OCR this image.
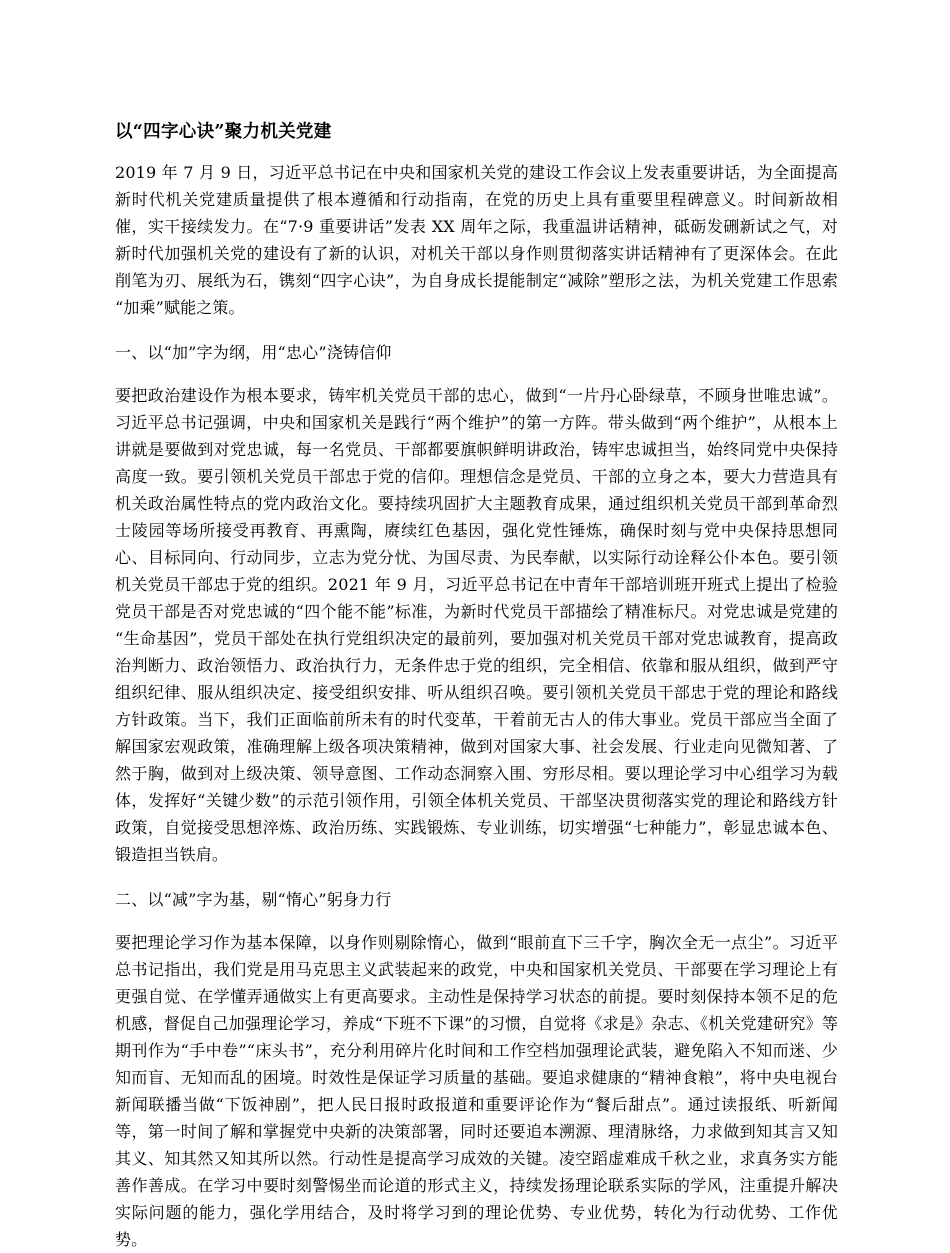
以“四字心诀”聚力机关党建

2019 年 7 月 9 日，习近平总书记在中央和国家机关党的建设工作会议上发表重要讲话，为全面提高新时代机关党建质量提供了根本遵循和行动指南，在党的历史上具有重要里程碑意义。时间新故相催，实干接续发力。在“7·9 重要讲话”发表 XX 周年之际，我重温讲话精神，砥砺发硎新试之气，对新时代加强机关党的建设有了新的认识，对机关干部以身作则贯彻落实讲话精神有了更深体会。在此削笔为刃、展纸为石，镌刻“四字心诀”，为自身成长提能制定“减除”塑形之法，为机关党建工作思索“加乘”赋能之策。

一、以“加”字为纲，用“忠心”浇铸信仰

要把政治建设作为根本要求，铸牢机关党员干部的忠心，做到“一片丹心卧绿草，不顾身世唯忠诚”。习近平总书记强调，中央和国家机关是践行“两个维护”的第一方阵。带头做到“两个维护”，从根本上讲就是要做到对党忠诚，每一名党员、干部都要旗帜鲜明讲政治，铸牢忠诚担当，始终同党中央保持高度一致。要引领机关党员干部忠于党的信仰。理想信念是党员、干部的立身之本，要大力营造具有机关政治属性特点的党内政治文化。要持续巩固扩大主题教育成果，通过组织机关党员干部到革命烈士陵园等场所接受再教育、再熏陶，赓续红色基因，强化党性锤炼，确保时刻与党中央保持思想同心、目标同向、行动同步，立志为党分忧、为国尽责、为民奉献，以实际行动诠释公仆本色。要引领机关党员干部忠于党的组织。2021 年 9 月，习近平总书记在中青年干部培训班开班式上提出了检验党员干部是否对党忠诚的“四个能不能”标准，为新时代党员干部描绘了精准标尺。对党忠诚是党建的“生命基因”，党员干部处在执行党组织决定的最前列，要加强对机关党员干部对党忠诚教育，提高政治判断力、政治领悟力、政治执行力，无条件忠于党的组织，完全相信、依靠和服从组织，做到严守组织纪律、服从组织决定、接受组织安排、听从组织召唤。要引领机关党员干部忠于党的理论和路线方针政策。当下，我们正面临前所未有的时代变革，干着前无古人的伟大事业。党员干部应当全面了解国家宏观政策，准确理解上级各项决策精神，做到对国家大事、社会发展、行业走向见微知著、了然于胸，做到对上级决策、领导意图、工作动态洞察入围、穷形尽相。要以理论学习中心组学习为载体，发挥好“关键少数”的示范引领作用，引领全体机关党员、干部坚决贯彻落实党的理论和路线方针政策，自觉接受思想淬炼、政治历练、实践锻炼、专业训练，切实增强“七种能力”，彰显忠诚本色、锻造担当铁肩。

二、以“减”字为基，剔“惰心”躬身力行

要把理论学习作为基本保障，以身作则剔除惰心，做到“眼前直下三千字，胸次全无一点尘”。习近平总书记指出，我们党是用马克思主义武装起来的政党，中央和国家机关党员、干部要在学习理论上有更强自觉、在学懂弄通做实上有更高要求。主动性是保持学习状态的前提。要时刻保持本领不足的危机感，督促自己加强理论学习，养成“下班不下课”的习惯，自觉将《求是》杂志、《机关党建研究》等期刊作为“手中卷”“床头书”，充分利用碎片化时间和工作空档加强理论武装，避免陷入不知而迷、少知而盲、无知而乱的困境。时效性是保证学习质量的基础。要追求健康的“精神食粮”，将中央电视台新闻联播当做“下饭神剧”，把人民日报时政报道和重要评论作为“餐后甜点”。通过读报纸、听新闻等，第一时间了解和掌握党中央新的决策部署，同时还要追本溯源、理清脉络，力求做到知其言又知其义、知其然又知其所以然。行动性是提高学习成效的关键。凌空蹈虚难成千秋之业，求真务实方能善作善成。在学习中要时刻警惕坐而论道的形式主义，持续发扬理论联系实际的学风，注重提升解决实际问题的能力，强化学用结合，及时将学习到的理论优势、专业优势，转化为行动优势、工作优势。
